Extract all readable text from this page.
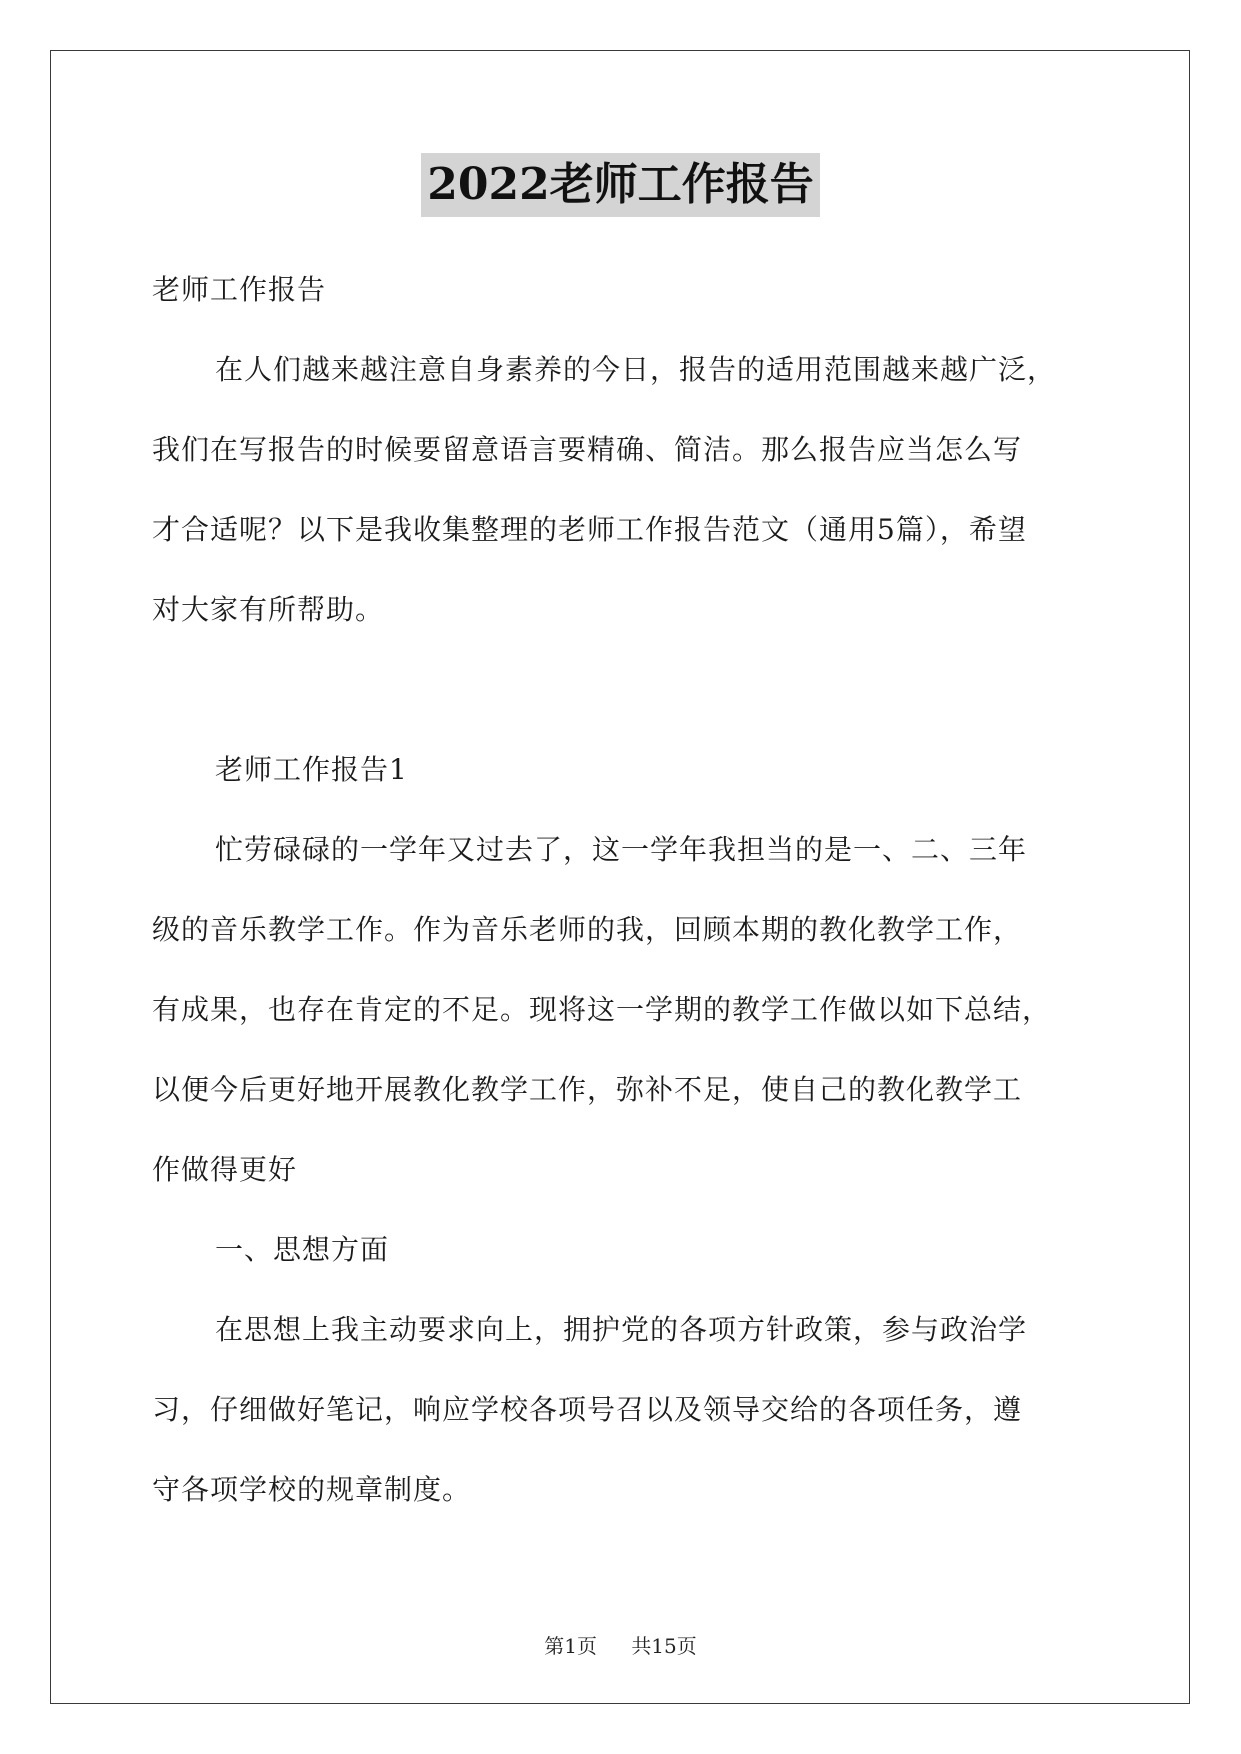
2022老师工作报告
老师工作报告
在人们越来越注意自身素养的今日，报告的适用范围越来越广泛，
我们在写报告的时候要留意语言要精确、简洁。那么报告应当怎么写
才合适呢？以下是我收集整理的老师工作报告范文（通用5篇），希望
对大家有所帮助。
老师工作报告1
忙劳碌碌的一学年又过去了，这一学年我担当的是一、二、三年
级的音乐教学工作。作为音乐老师的我，回顾本期的教化教学工作，
有成果，也存在肯定的不足。现将这一学期的教学工作做以如下总结，
以便今后更好地开展教化教学工作，弥补不足，使自己的教化教学工
作做得更好
一、思想方面
在思想上我主动要求向上，拥护党的各项方针政策，参与政治学
习，仔细做好笔记，响应学校各项号召以及领导交给的各项任务，遵
守各项学校的规章制度。
第1页 共15页
